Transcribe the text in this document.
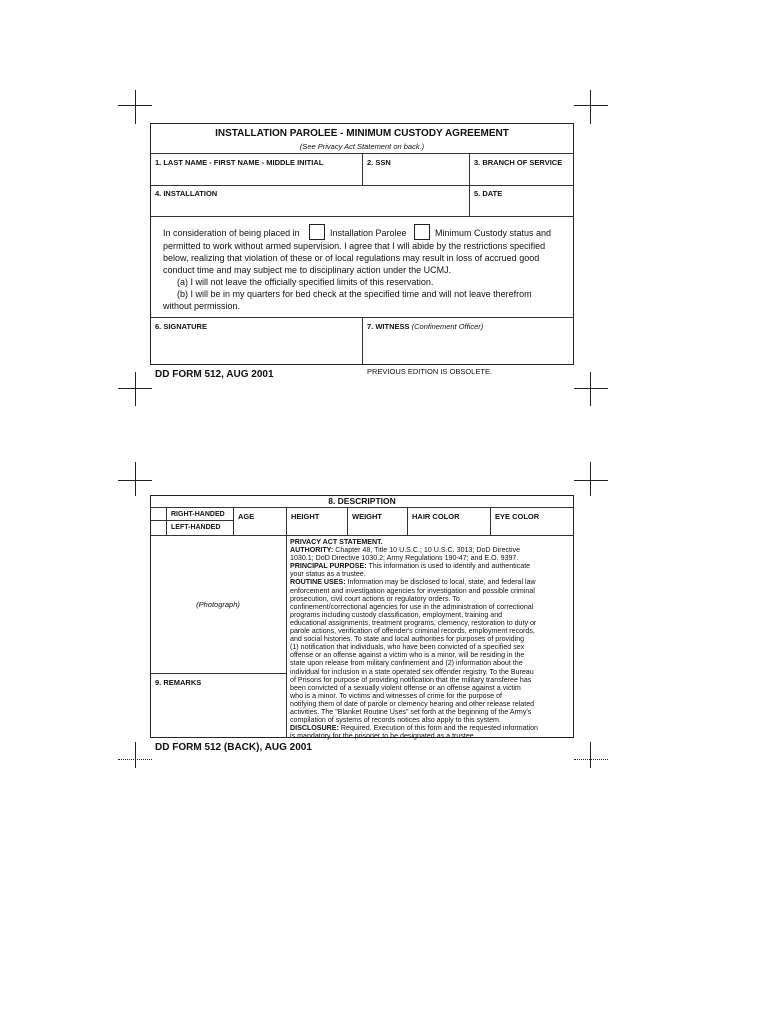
INSTALLATION PAROLEE - MINIMUM CUSTODY AGREEMENT
(See Privacy Act Statement on back.)
1. LAST NAME - FIRST NAME - MIDDLE INITIAL	2. SSN	3. BRANCH OF SERVICE
4. INSTALLATION	5. DATE
In consideration of being placed in	Installation Parolee	Minimum Custody status and
permitted to work without armed supervision. I agree that I will abide by the restrictions specified
below, realizing that violation of these or of local regulations may result in loss of accrued good
conduct time and may subject me to disciplinary action under the UCMJ.
(a) I will not leave the officially specified limits of this reservation.
(b) I will be in my quarters for bed check at the specified time and will not leave therefrom
without permission.
6. SIGNATURE	7. WITNESS (Confinement Officer)
DD FORM 512, AUG 2001	PREVIOUS EDITION IS OBSOLETE.
8. DESCRIPTION
RIGHT-HANDED
LEFT-HANDED
AGE	HEIGHT	WEIGHT	HAIR COLOR	EYE COLOR
(Photograph)
9. REMARKS
PRIVACY ACT STATEMENT.
AUTHORITY: Chapter 48, Title 10 U.S.C.; 10 U.S.C. 3013; DoD Directive
1030.1; DoD Directive 1030.2; Army Regulations 190-47; and E.O. 9397.
PRINCIPAL PURPOSE: This information is used to identify and authenticate
your status as a trustee.
ROUTINE USES: Information may be disclosed to local, state, and federal law
enforcement and investigation agencies for investigation and possible criminal
prosecution, civil court actions or regulatory orders. To
confinement/correctional agencies for use in the administration of correctional
programs including custody classification, employment, training and
educational assignments, treatment programs, clemency, restoration to duty or
parole actions, verification of offender's criminal records, employment records,
and social histories. To state and local authorities for purposes of providing
(1) notification that individuals, who have been convicted of a specified sex
offense or an offense against a victim who is a minor, will be residing in the
state upon release from military confinement and (2) information about the
individual for inclusion in a state operated sex offender registry. To the Bureau
of Prisons for purpose of providing notification that the military transferee has
been convicted of a sexually violent offense or an offense against a victim
who is a minor. To victims and witnesses of crime for the purpose of
notifying them of date of parole or clemency hearing and other release related
activities. The "Blanket Routine Uses" set forth at the beginning of the Army's
compilation of systems of records notices also apply to this system.
DISCLOSURE: Required. Execution of this form and the requested information
is mandatory for the prisoner to be designated as a trustee.
DD FORM 512 (BACK), AUG 2001
